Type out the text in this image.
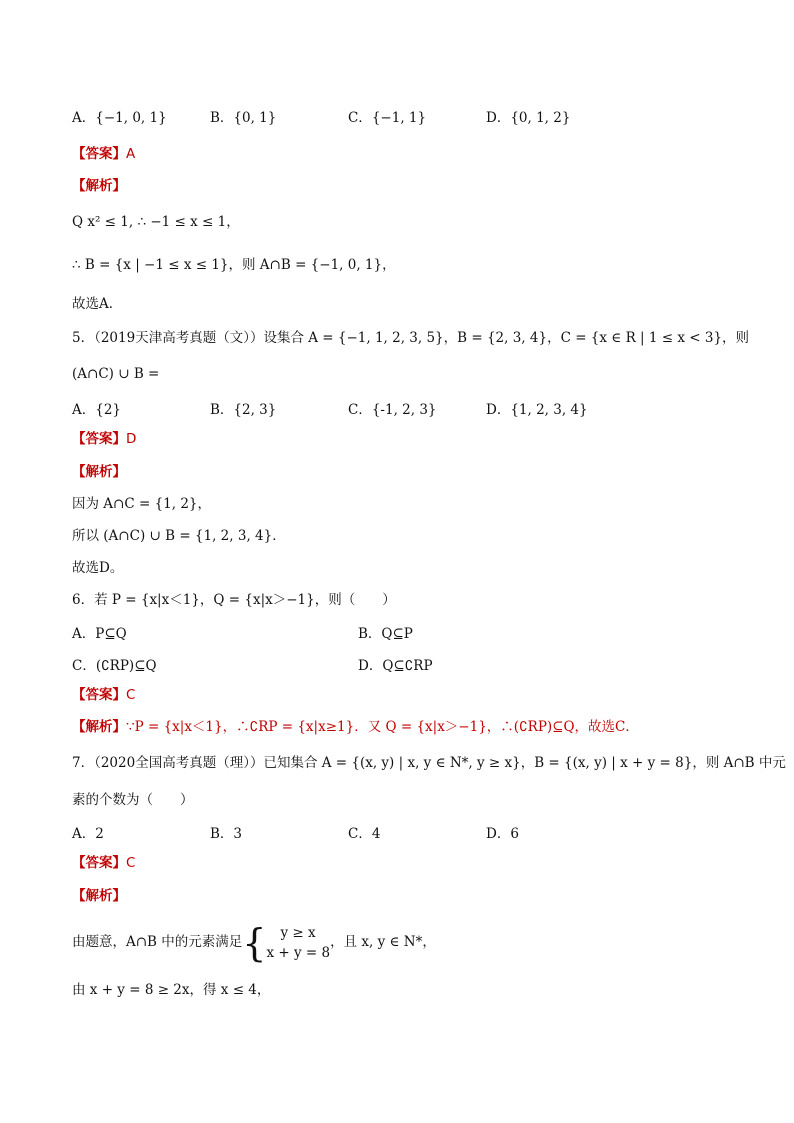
A．{−1, 0, 1}	B．{0, 1}	C．{−1, 1}	D．{0, 1, 2}
【答案】A
【解析】
Q x² ≤ 1, ∴ −1 ≤ x ≤ 1，
∴ B = {x | −1 ≤ x ≤ 1}，则 A∩B = {−1, 0, 1}，
故选A．
5．（2019天津高考真题（文））设集合 A = {−1, 1, 2, 3, 5}，B = {2, 3, 4}，C = {x ∈ R | 1 ≤ x < 3}，则
(A∩C) ∪ B =
A．{2}	B．{2, 3}	C．{-1, 2, 3}	D．{1, 2, 3, 4}
【答案】D
【解析】
因为 A∩C = {1, 2}，
所以 (A∩C) ∪ B = {1, 2, 3, 4}．
故选D。
6．若 P = {x|x＜1}，Q = {x|x＞−1}，则（　　）
A．P⊆Q	B．Q⊆P
C．(∁RP)⊆Q	D．Q⊆∁RP
【答案】C
【解析】∵P = {x|x＜1}，∴∁RP = {x|x≥1}．又 Q = {x|x＞−1}，∴(∁RP)⊆Q，故选C．
7．（2020全国高考真题（理））已知集合 A = {(x, y) | x, y ∈ N*, y ≥ x}，B = {(x, y) | x + y = 8}，则 A∩B 中元
素的个数为（　　）
A．2	B．3	C．4	D．6
【答案】C
【解析】
由题意，A∩B 中的元素满足{	y ≥ x
x + y = 8
，且 x, y ∈ N*，
由 x + y = 8 ≥ 2x，得 x ≤ 4，
